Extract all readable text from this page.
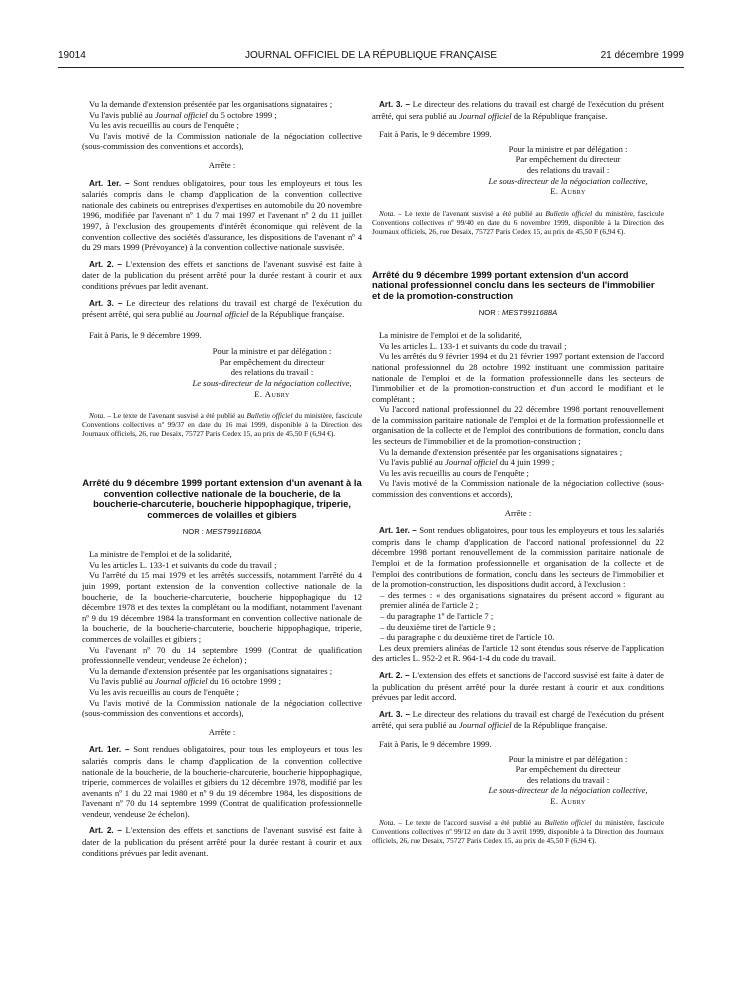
19014	JOURNAL OFFICIEL DE LA RÉPUBLIQUE FRANÇAISE	21 décembre 1999

Vu la demande d'extension présentée par les organisations signataires ;

Vu l'avis publié au Journal officiel du 5 octobre 1999 ;

Vu les avis recueillis au cours de l'enquête ;

Vu l'avis motivé de la Commission nationale de la négociation collective (sous-commission des conventions et accords),

Arrête :

Art. 1er. – Sont rendues obligatoires, pour tous les employeurs et tous les salariés compris dans le champ d'application de la convention collective nationale des cabinets ou entreprises d'expertises en automobile du 20 novembre 1996, modifiée par l'avenant nº 1 du 7 mai 1997 et l'avenant nº 2 du 11 juillet 1997, à l'exclusion des groupements d'intérêt économique qui relèvent de la convention collective des sociétés d'assurance, les dispositions de l'avenant nº 4 du 29 mars 1999 (Prévoyance) à la convention collective nationale susvisée.

Art. 2. – L'extension des effets et sanctions de l'avenant susvisé est faite à dater de la publication du présent arrêté pour la durée restant à courir et aux conditions prévues par ledit avenant.

Art. 3. – Le directeur des relations du travail est chargé de l'exécution du présent arrêté, qui sera publié au Journal officiel de la République française.

Fait à Paris, le 9 décembre 1999.

Pour la ministre et par délégation :

Par empêchement du directeur

des relations du travail :

Le sous-directeur de la négociation collective,

E. Aubry

Nota. – Le texte de l'avenant susvisé a été publié au Bulletin officiel du ministère, fascicule Conventions collectives nº 99/37 en date du 16 mai 1999, disponible à la Direction des Journaux officiels, 26, rue Desaix, 75727 Paris Cedex 15, au prix de 45,50 F (6,94 €).

Arrêté du 9 décembre 1999 portant extension d'un avenant à la convention collective nationale de la boucherie, de la boucherie-charcuterie, boucherie hippophagique, triperie, commerces de volailles et gibiers

NOR : MEST9911680A

La ministre de l'emploi et de la solidarité,

Vu les articles L. 133-1 et suivants du code du travail ;

Vu l'arrêté du 15 mai 1979 et les arrêtés successifs, notamment l'arrêté du 4 juin 1999, portant extension de la convention collective nationale de la boucherie, de la boucherie-charcuterie, boucherie hippophagique du 12 décembre 1978 et des textes la complétant ou la modifiant, notamment l'avenant nº 9 du 19 décembre 1984 la transformant en convention collective nationale de la boucherie, de la boucherie-charcuterie, boucherie hippophagique, triperie, commerces de volailles et gibiers ;

Vu l'avenant nº 70 du 14 septembre 1999 (Contrat de qualification professionnelle vendeur, vendeuse 2e échelon) ;

Vu la demande d'extension présentée par les organisations signataires ;

Vu l'avis publié au Journal officiel du 16 octobre 1999 ;

Vu les avis recueillis au cours de l'enquête ;

Vu l'avis motivé de la Commission nationale de la négociation collective (sous-commission des conventions et accords),

Arrête :

Art. 1er. – Sont rendues obligatoires, pour tous les employeurs et tous les salariés compris dans le champ d'application de la convention collective nationale de la boucherie, de la boucherie-charcuterie, boucherie hippophagique, triperie, commerces de volailles et gibiers du 12 décembre 1978, modifié par les avenants nº 1 du 22 mai 1980 et nº 9 du 19 décembre 1984, les dispositions de l'avenant nº 70 du 14 septembre 1999 (Contrat de qualification professionnelle vendeur, vendeuse 2e échelon).

Art. 2. – L'extension des effets et sanctions de l'avenant susvisé est faite à dater de la publication du présent arrêté pour la durée restant à courir et aux conditions prévues par ledit avenant.

Art. 3. – Le directeur des relations du travail est chargé de l'exécution du présent arrêté, qui sera publié au Journal officiel de la République française.

Fait à Paris, le 9 décembre 1999.

Pour la ministre et par délégation :

Par empêchement du directeur

des relations du travail :

Le sous-directeur de la négociation collective,

E. Aubry

Nota. – Le texte de l'avenant susvisé a été publié au Bulletin officiel du ministère, fascicule Conventions collectives nº 99/40 en date du 6 novembre 1999, disponible à la Direction des Journaux officiels, 26, rue Desaix, 75727 Paris Cedex 15, au prix de 45,50 F (6,94 €).

Arrêté du 9 décembre 1999 portant extension d'un accord national professionnel conclu dans les secteurs de l'immobilier et de la promotion-construction

NOR : MEST9911688A

La ministre de l'emploi et de la solidarité,

Vu les articles L. 133-1 et suivants du code du travail ;

Vu les arrêtés du 9 février 1994 et du 21 février 1997 portant extension de l'accord national professionnel du 28 octobre 1992 instituant une commission paritaire nationale de l'emploi et de la formation professionnelle dans les secteurs de l'immobilier et de la promotion-construction et d'un accord le modifiant et le complétant ;

Vu l'accord national professionnel du 22 décembre 1998 portant renouvellement de la commission paritaire nationale de l'emploi et de la formation professionnelle et organisation de la collecte et de l'emploi des contributions de formation, conclu dans les secteurs de l'immobilier et de la promotion-construction ;

Vu la demande d'extension présentée par les organisations signataires ;

Vu l'avis publié au Journal officiel du 4 juin 1999 ;

Vu les avis recueillis au cours de l'enquête ;

Vu l'avis motivé de la Commission nationale de la négociation collective (sous-commission des conventions et accords),

Arrête :

Art. 1er. – Sont rendues obligatoires, pour tous les employeurs et tous les salariés compris dans le champ d'application de l'accord national professionnel du 22 décembre 1998 portant renouvellement de la commission paritaire nationale de l'emploi et de la formation professionnelle et organisation de la collecte et de l'emploi des contributions de formation, conclu dans les secteurs de l'immobilier et de la promotion-construction, les dispositions dudit accord, à l'exclusion :

– des termes : « des organisations signataires du présent accord » figurant au premier alinéa de l'article 2 ;

– du paragraphe 1º de l'article 7 ;

– du deuxième tiret de l'article 9 ;

– du paragraphe c du deuxième tiret de l'article 10.

Les deux premiers alinéas de l'article 12 sont étendus sous réserve de l'application des articles L. 952-2 et R. 964-1-4 du code du travail.

Art. 2. – L'extension des effets et sanctions de l'accord susvisé est faite à dater de la publication du présent arrêté pour la durée restant à courir et aux conditions prévues par ledit accord.

Art. 3. – Le directeur des relations du travail est chargé de l'exécution du présent arrêté, qui sera publié au Journal officiel de la République française.

Fait à Paris, le 9 décembre 1999.

Pour la ministre et par délégation :

Par empêchement du directeur

des relations du travail :

Le sous-directeur de la négociation collective,

E. Aubry

Nota. – Le texte de l'accord susvisé a été publié au Bulletin officiel du ministère, fascicule Conventions collectives nº 99/12 en date du 3 avril 1999, disponible à la Direction des Journaux officiels, 26, rue Desaix, 75727 Paris Cedex 15, au prix de 45,50 F (6,94 €).
